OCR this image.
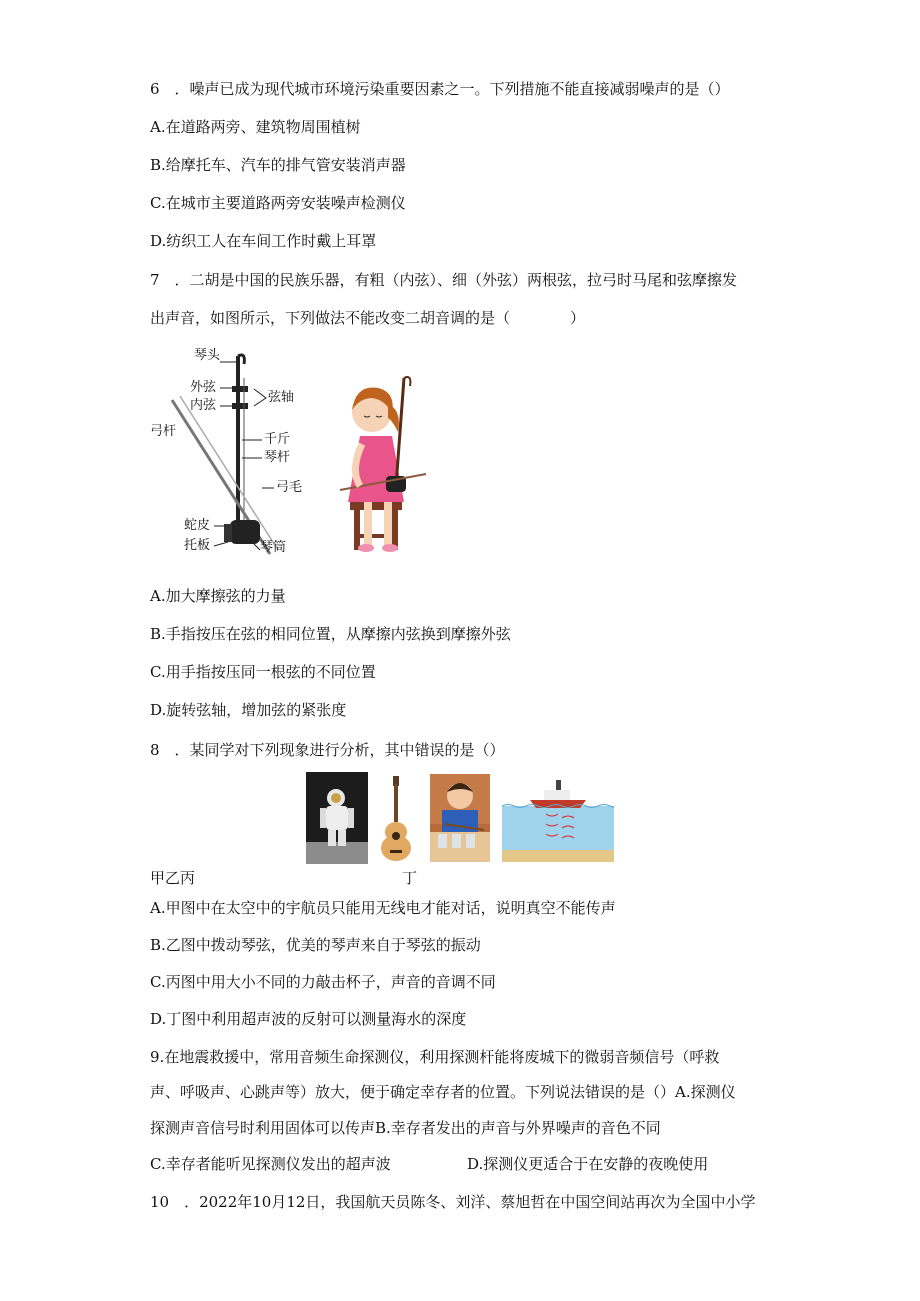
6　．噪声已成为现代城市环境污染重要因素之一。下列措施不能直接减弱噪声的是（）
A.在道路两旁、建筑物周围植树
B.给摩托车、汽车的排气管安装消声器
C.在城市主要道路两旁安装噪声检测仪
D.纺织工人在车间工作时戴上耳罩
7　．二胡是中国的民族乐器，有粗（内弦）、细（外弦）两根弦，拉弓时马尾和弦摩擦发
出声音，如图所示，下列做法不能改变二胡音调的是（　　　　）
琴头
外弦
内弦
弦轴
弓杆
千斤
琴杆
弓毛
蛇皮
托板	琴筒
A.加大摩擦弦的力量
B.手指按压在弦的相同位置，从摩擦内弦换到摩擦外弦
C.用手指按压同一根弦的不同位置
D.旋转弦轴，增加弦的紧张度
8　．某同学对下列现象进行分析，其中错误的是（）
甲乙丙	丁
A.甲图中在太空中的宇航员只能用无线电才能对话，说明真空不能传声
B.乙图中拨动琴弦，优美的琴声来自于琴弦的振动
C.丙图中用大小不同的力敲击杯子，声音的音调不同
D.丁图中利用超声波的反射可以测量海水的深度
9.在地震救援中，常用音频生命探测仪，利用探测杆能将废城下的微弱音频信号（呼救
声、呼吸声、心跳声等）放大，便于确定幸存者的位置。下列说法错误的是（）A.探测仪
探测声音信号时利用固体可以传声B.幸存者发出的声音与外界噪声的音色不同
C.幸存者能听见探测仪发出的超声波	D.探测仪更适合于在安静的夜晚使用
10　．2022年10月12日，我国航天员陈冬、刘洋、蔡旭哲在中国空间站再次为全国中小学
